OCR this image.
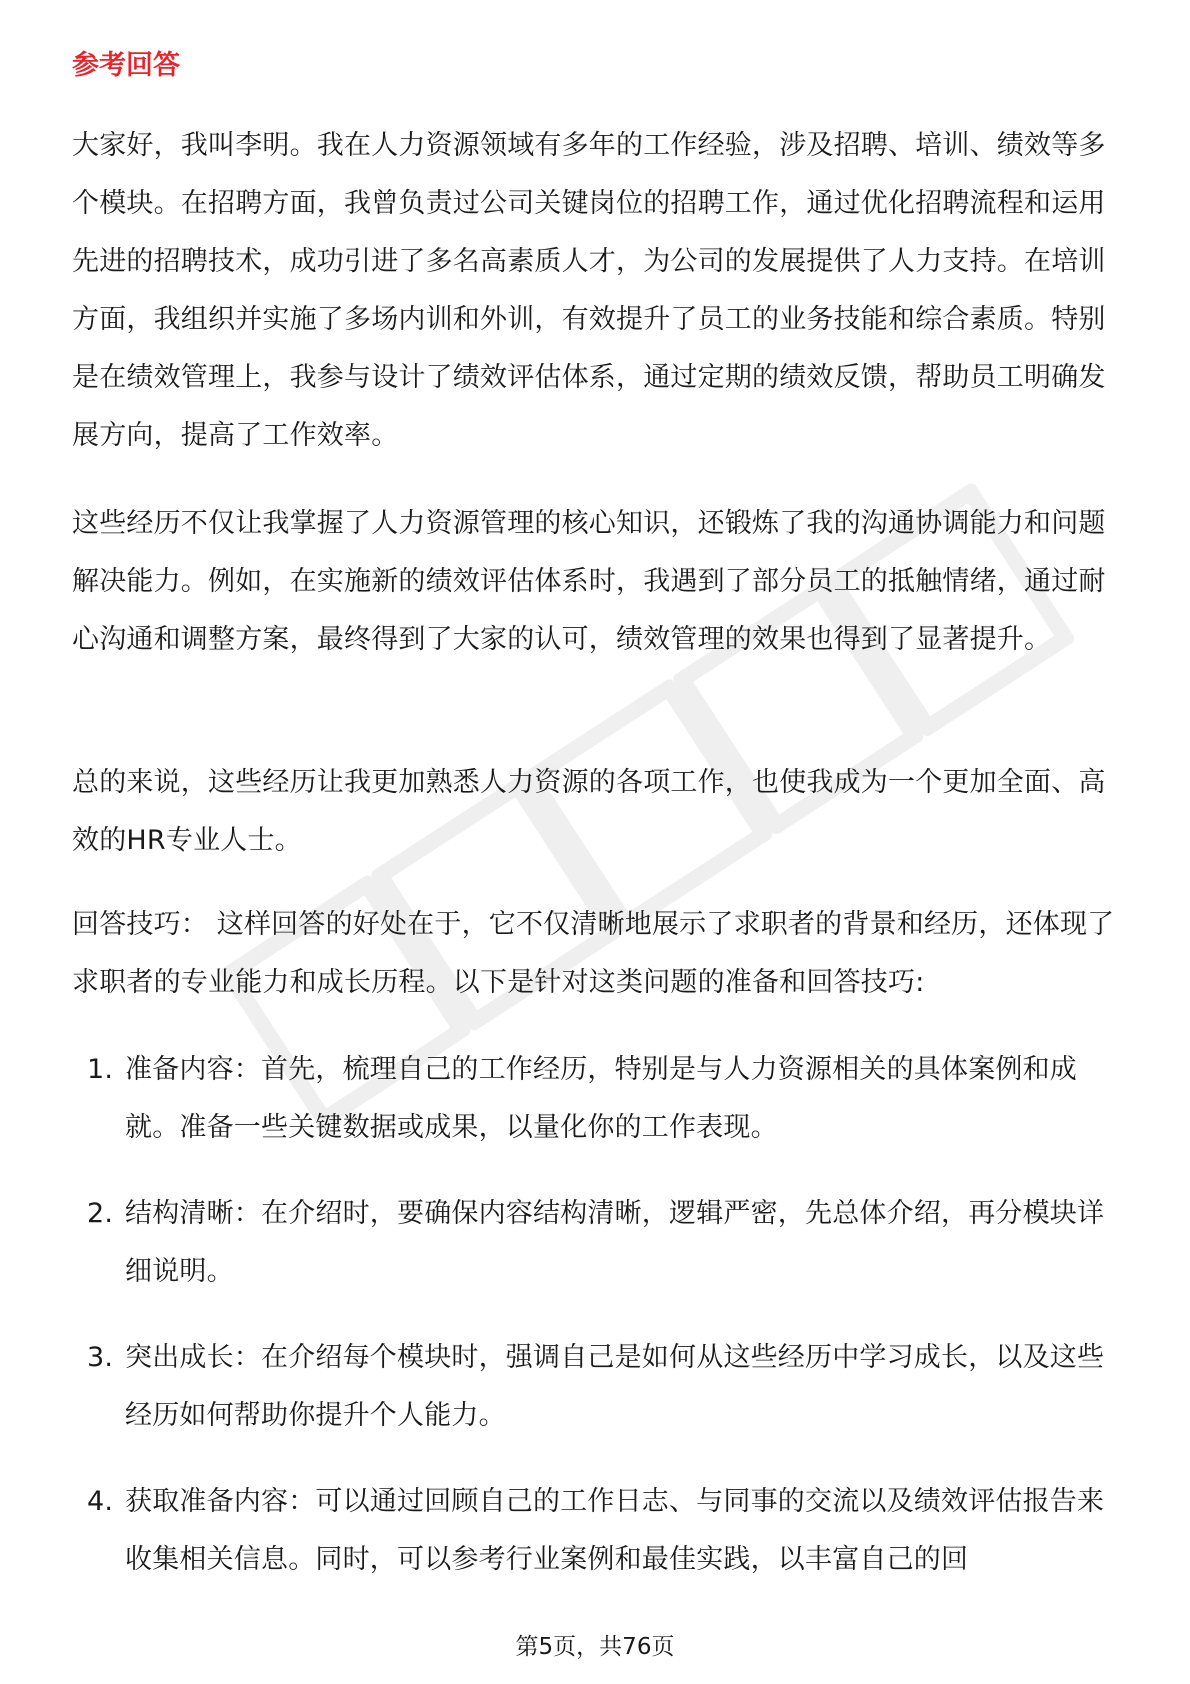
参考回答

大家好，我叫李明。我在人力资源领域有多年的工作经验，涉及招聘、培训、绩效等多个模块。在招聘方面，我曾负责过公司关键岗位的招聘工作，通过优化招聘流程和运用先进的招聘技术，成功引进了多名高素质人才，为公司的发展提供了人力支持。在培训方面，我组织并实施了多场内训和外训，有效提升了员工的业务技能和综合素质。特别是在绩效管理上，我参与设计了绩效评估体系，通过定期的绩效反馈，帮助员工明确发展方向，提高了工作效率。

这些经历不仅让我掌握了人力资源管理的核心知识，还锻炼了我的沟通协调能力和问题解决能力。例如，在实施新的绩效评估体系时，我遇到了部分员工的抵触情绪，通过耐心沟通和调整方案，最终得到了大家的认可，绩效管理的效果也得到了显著提升。

总的来说，这些经历让我更加熟悉人力资源的各项工作，也使我成为一个更加全面、高效的HR专业人士。

回答技巧： 这样回答的好处在于，它不仅清晰地展示了求职者的背景和经历，还体现了求职者的专业能力和成长历程。以下是针对这类问题的准备和回答技巧:

1. 准备内容：首先，梳理自己的工作经历，特别是与人力资源相关的具体案例和成就。准备一些关键数据或成果，以量化你的工作表现。
2. 结构清晰：在介绍时，要确保内容结构清晰，逻辑严密，先总体介绍，再分模块详细说明。
3. 突出成长：在介绍每个模块时，强调自己是如何从这些经历中学习成长，以及这些经历如何帮助你提升个人能力。
4. 获取准备内容：可以通过回顾自己的工作日志、与同事的交流以及绩效评估报告来收集相关信息。同时，可以参考行业案例和最佳实践，以丰富自己的回
第5页，共76页
